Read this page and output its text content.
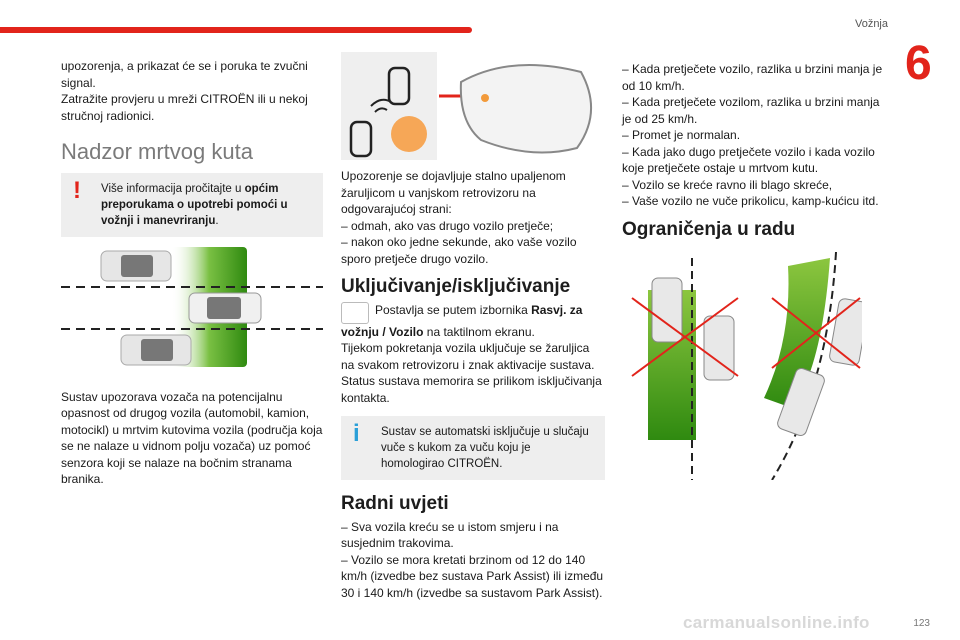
Vožnja
6
123
carmanualsonline.info

upozorenja, a prikazat će se i poruka te zvučni signal.

Zatražite provjeru u mreži CITROËN ili u nekoj stručnoj radionici.

Nadzor mrtvog kuta
! Više informacija pročitajte u općim preporukama o upotrebi pomoći u vožnji i manevriranju.

Sustav upozorava vozača na potencijalnu opasnost od drugog vozila (automobil, kamion, motocikl) u mrtvim kutovima vozila (područja koja se ne nalaze u vidnom polju vozača) uz pomoć senzora koji se nalaze na bočnim stranama branika.

Upozorenje se dojavljuje stalno upaljenom žaruljicom u vanjskom retrovizoru na odgovarajućoj strani:

– odmah, ako vas drugo vozilo pretječe;

– nakon oko jedne sekunde, ako vaše vozilo sporo pretječe drugo vozilo.

Uključivanje/isključivanje
Postavlja se putem izbornika Rasvj. za vožnju / Vozilo na taktilnom ekranu.

Tijekom pokretanja vozila uključuje se žaruljica na svakom retrovizoru i znak aktivacije sustava. Status sustava memorira se prilikom isključivanja kontakta.

i Sustav se automatski isključuje u slučaju vuče s kukom za vuču koju je homologirao CITROËN.
Radni uvjeti

– Sva vozila kreću se u istom smjeru i na susjednim trakovima.

– Vozilo se mora kretati brzinom od 12 do 140 km/h (izvedbe bez sustava Park Assist) ili između 30 i 140 km/h (izvedbe sa sustavom Park Assist).

– Kada pretječete vozilo, razlika u brzini manja je od 10 km/h.

– Kada pretječete vozilom, razlika u brzini manja je od 25 km/h.

– Promet je normalan.

– Kada jako dugo pretječete vozilo i kada vozilo koje pretječete ostaje u mrtvom kutu.

– Vozilo se kreće ravno ili blago skreće,

– Vaše vozilo ne vuče prikolicu, kamp-kućicu itd.

Ograničenja u radu
